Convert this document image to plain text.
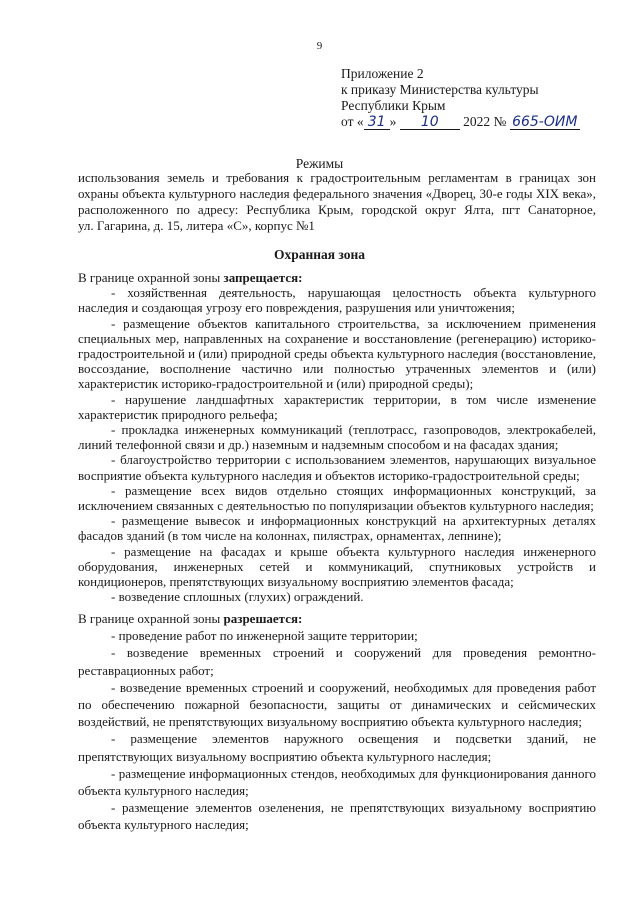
9
Приложение 2
к приказу Министерства культуры
Республики Крым
от « 31 » 10 2022 № 665-ОИМ
Режимы
использования земель и требования к градостроительным регламентам в границах зон
охраны объекта культурного наследия федерального значения «Дворец, 30-е годы XIX века»,
расположенного по адресу: Республика Крым, городской округ Ялта, пгт Санаторное,
ул. Гагарина, д. 15, литера «С», корпус №1
Охранная зона

В границе охранной зоны запрещается:

- хозяйственная деятельность, нарушающая целостность объекта культурного наследия и создающая угрозу его повреждения, разрушения или уничтожения;

- размещение объектов капитального строительства, за исключением применения специальных мер, направленных на сохранение и восстановление (регенерацию) историко-градостроительной и (или) природной среды объекта культурного наследия (восстановление, воссоздание, восполнение частично или полностью утраченных элементов и (или) характеристик историко-градостроительной и (или) природной среды);

- нарушение ландшафтных характеристик территории, в том числе изменение характеристик природного рельефа;

- прокладка инженерных коммуникаций (теплотрасс, газопроводов, электрокабелей, линий телефонной связи и др.) наземным и надземным способом и на фасадах здания;

- благоустройство территории с использованием элементов, нарушающих визуальное восприятие объекта культурного наследия и объектов историко-градостроительной среды;

- размещение всех видов отдельно стоящих информационных конструкций, за исключением связанных с деятельностью по популяризации объектов культурного наследия;

- размещение вывесок и информационных конструкций на архитектурных деталях фасадов зданий (в том числе на колоннах, пилястрах, орнаментах, лепнине);

- размещение на фасадах и крыше объекта культурного наследия инженерного оборудования, инженерных сетей и коммуникаций, спутниковых устройств и кондиционеров, препятствующих визуальному восприятию элементов фасада;

- возведение сплошных (глухих) ограждений.

В границе охранной зоны разрешается:

- проведение работ по инженерной защите территории;

- возведение временных строений и сооружений для проведения ремонтно-реставрационных работ;

- возведение временных строений и сооружений, необходимых для проведения работ по обеспечению пожарной безопасности, защиты от динамических и сейсмических воздействий, не препятствующих визуальному восприятию объекта культурного наследия;

- размещение элементов наружного освещения и подсветки зданий, не препятствующих визуальному восприятию объекта культурного наследия;

- размещение информационных стендов, необходимых для функционирования данного объекта культурного наследия;

- размещение элементов озеленения, не препятствующих визуальному восприятию объекта культурного наследия;
